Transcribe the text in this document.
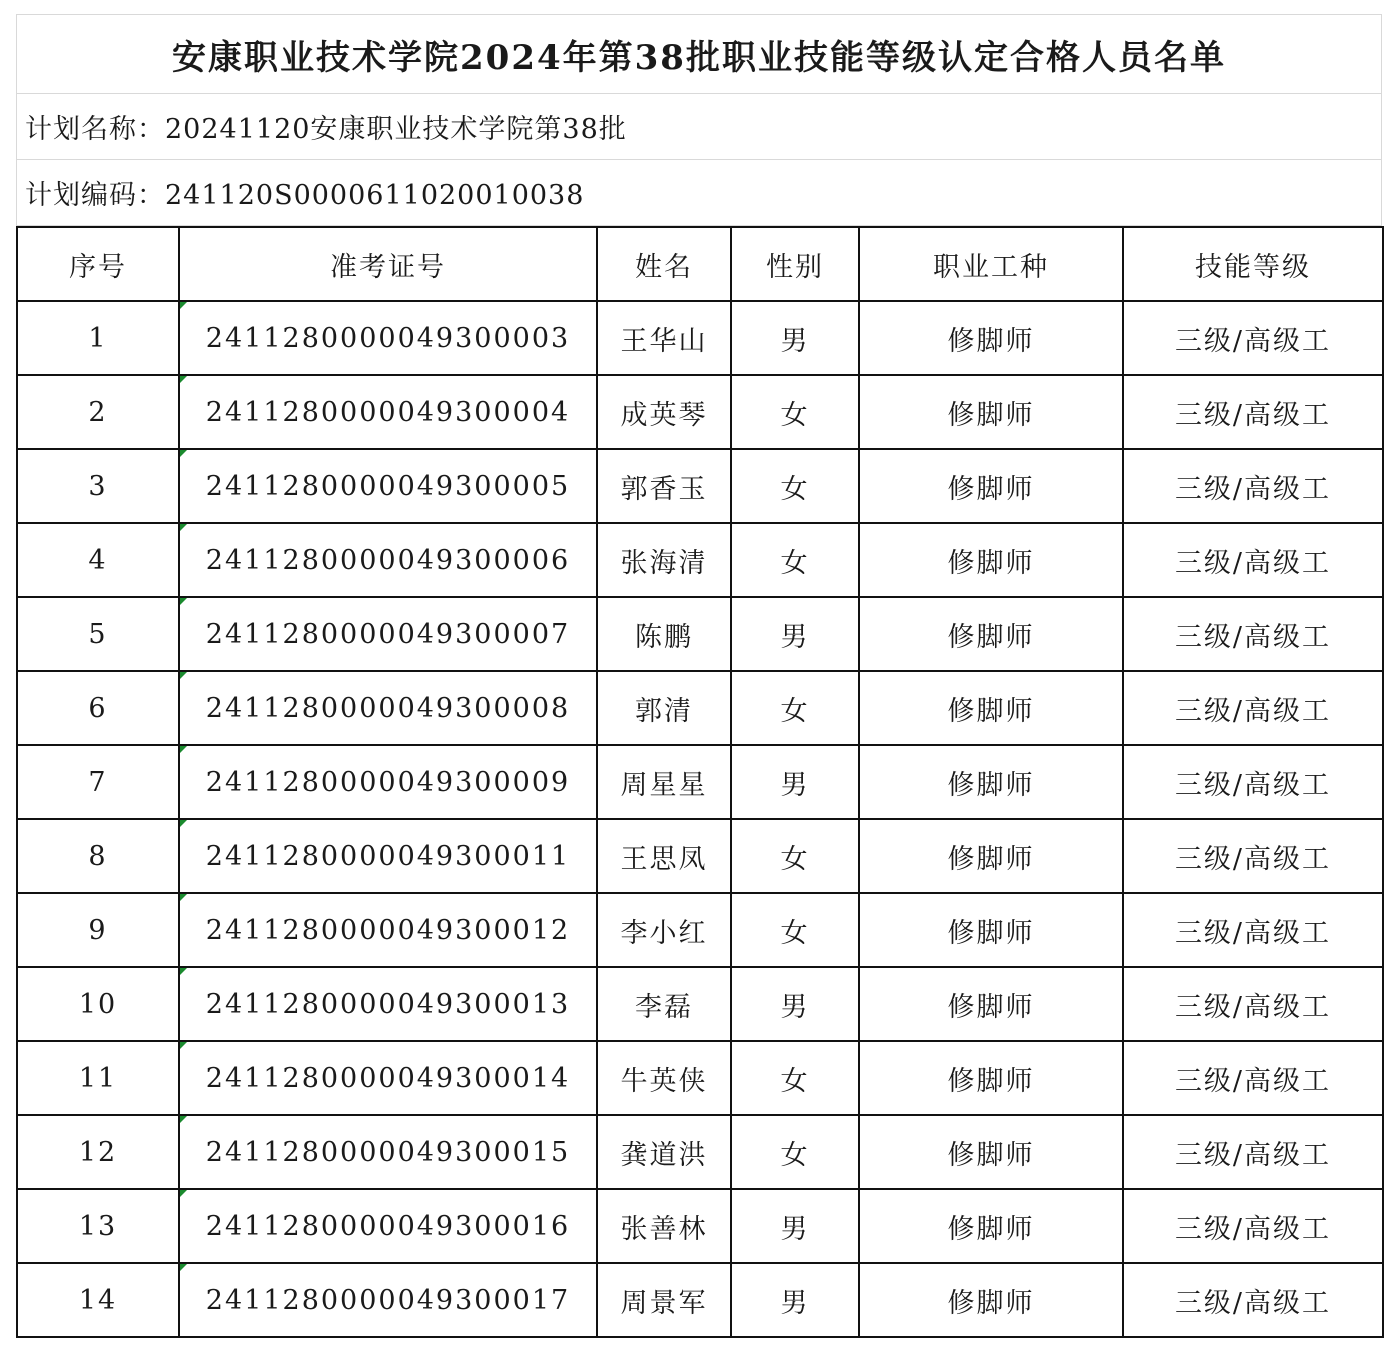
安康职业技术学院2024年第38批职业技能等级认定合格人员名单
计划名称：20241120安康职业技术学院第38批
计划编码：241120S0000611020010038
序号	准考证号	姓名	性别	职业工种	技能等级
1	2411280000049300003	王华山	男	修脚师	三级/高级工
2	2411280000049300004	成英琴	女	修脚师	三级/高级工
3	2411280000049300005	郭香玉	女	修脚师	三级/高级工
4	2411280000049300006	张海清	女	修脚师	三级/高级工
5	2411280000049300007	陈鹏	男	修脚师	三级/高级工
6	2411280000049300008	郭清	女	修脚师	三级/高级工
7	2411280000049300009	周星星	男	修脚师	三级/高级工
8	2411280000049300011	王思凤	女	修脚师	三级/高级工
9	2411280000049300012	李小红	女	修脚师	三级/高级工
10	2411280000049300013	李磊	男	修脚师	三级/高级工
11	2411280000049300014	牛英侠	女	修脚师	三级/高级工
12	2411280000049300015	龚道洪	女	修脚师	三级/高级工
13	2411280000049300016	张善林	男	修脚师	三级/高级工
14	2411280000049300017	周景军	男	修脚师	三级/高级工
